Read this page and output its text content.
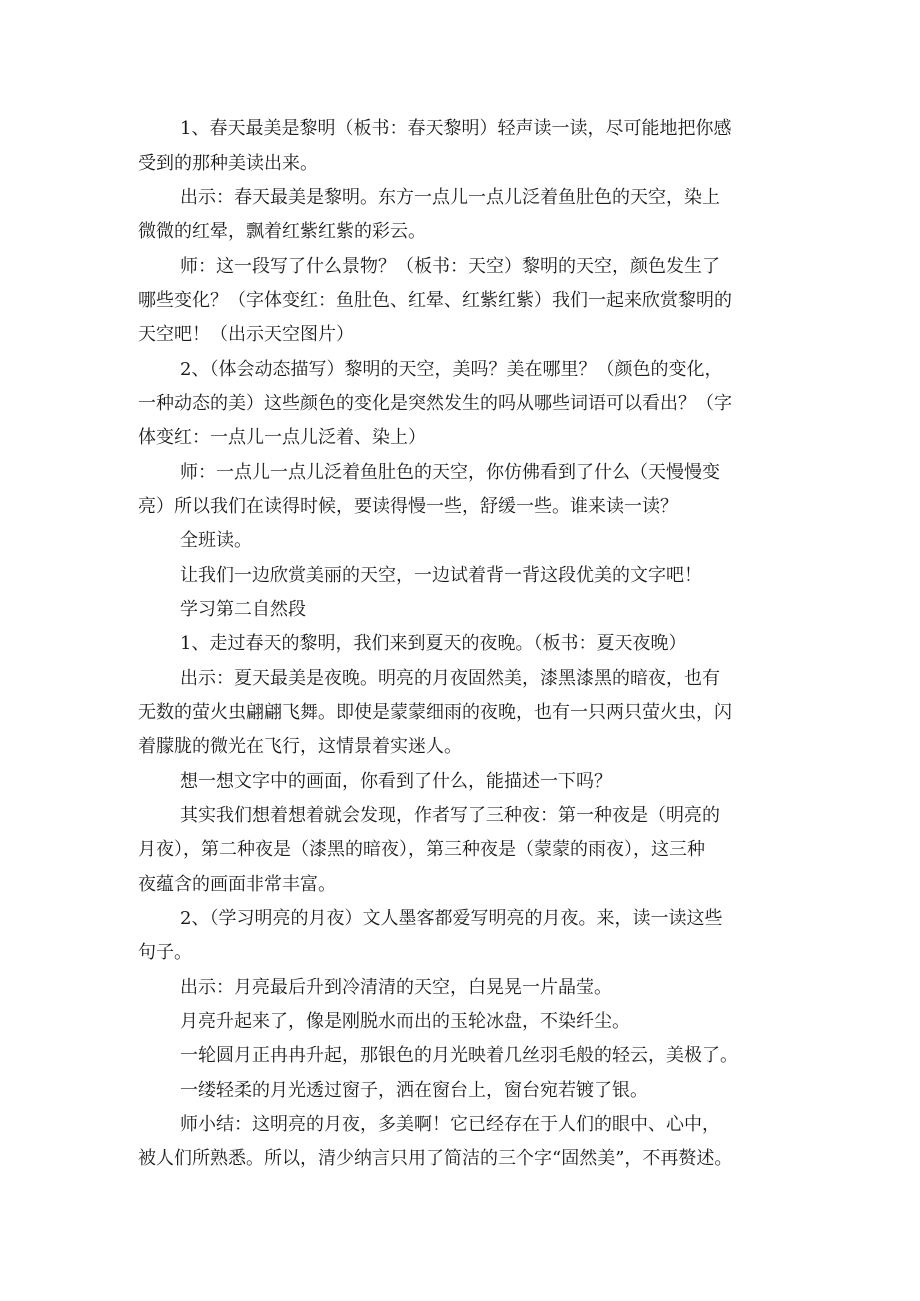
1、春天最美是黎明（板书：春天黎明）轻声读一读，尽可能地把你感
受到的那种美读出来。
出示：春天最美是黎明。东方一点儿一点儿泛着鱼肚色的天空，染上
微微的红晕，飘着红紫红紫的彩云。
师：这一段写了什么景物？（板书：天空）黎明的天空，颜色发生了
哪些变化？（字体变红：鱼肚色、红晕、红紫红紫）我们一起来欣赏黎明的
天空吧！（出示天空图片）
2、（体会动态描写）黎明的天空，美吗？美在哪里？（颜色的变化，
一种动态的美）这些颜色的变化是突然发生的吗从哪些词语可以看出？（字
体变红：一点儿一点儿泛着、染上）
师：一点儿一点儿泛着鱼肚色的天空，你仿佛看到了什么（天慢慢变
亮）所以我们在读得时候，要读得慢一些，舒缓一些。谁来读一读？
全班读。
让我们一边欣赏美丽的天空，一边试着背一背这段优美的文字吧！
学习第二自然段
1、走过春天的黎明，我们来到夏天的夜晚。（板书：夏天夜晚）
出示：夏天最美是夜晚。明亮的月夜固然美，漆黑漆黑的暗夜，也有
无数的萤火虫翩翩飞舞。即使是蒙蒙细雨的夜晚，也有一只两只萤火虫，闪
着朦胧的微光在飞行，这情景着实迷人。
想一想文字中的画面，你看到了什么，能描述一下吗？
其实我们想着想着就会发现，作者写了三种夜：第一种夜是（明亮的
月夜），第二种夜是（漆黑的暗夜），第三种夜是（蒙蒙的雨夜），这三种
夜蕴含的画面非常丰富。
2、（学习明亮的月夜）文人墨客都爱写明亮的月夜。来，读一读这些
句子。
出示：月亮最后升到冷清清的天空，白晃晃一片晶莹。
月亮升起来了，像是刚脱水而出的玉轮冰盘，不染纤尘。
一轮圆月正冉冉升起，那银色的月光映着几丝羽毛般的轻云，美极了。
一缕轻柔的月光透过窗子，洒在窗台上，窗台宛若镀了银。
师小结：这明亮的月夜，多美啊！它已经存在于人们的眼中、心中，
被人们所熟悉。所以，清少纳言只用了简洁的三个字“固然美”，不再赘述。
